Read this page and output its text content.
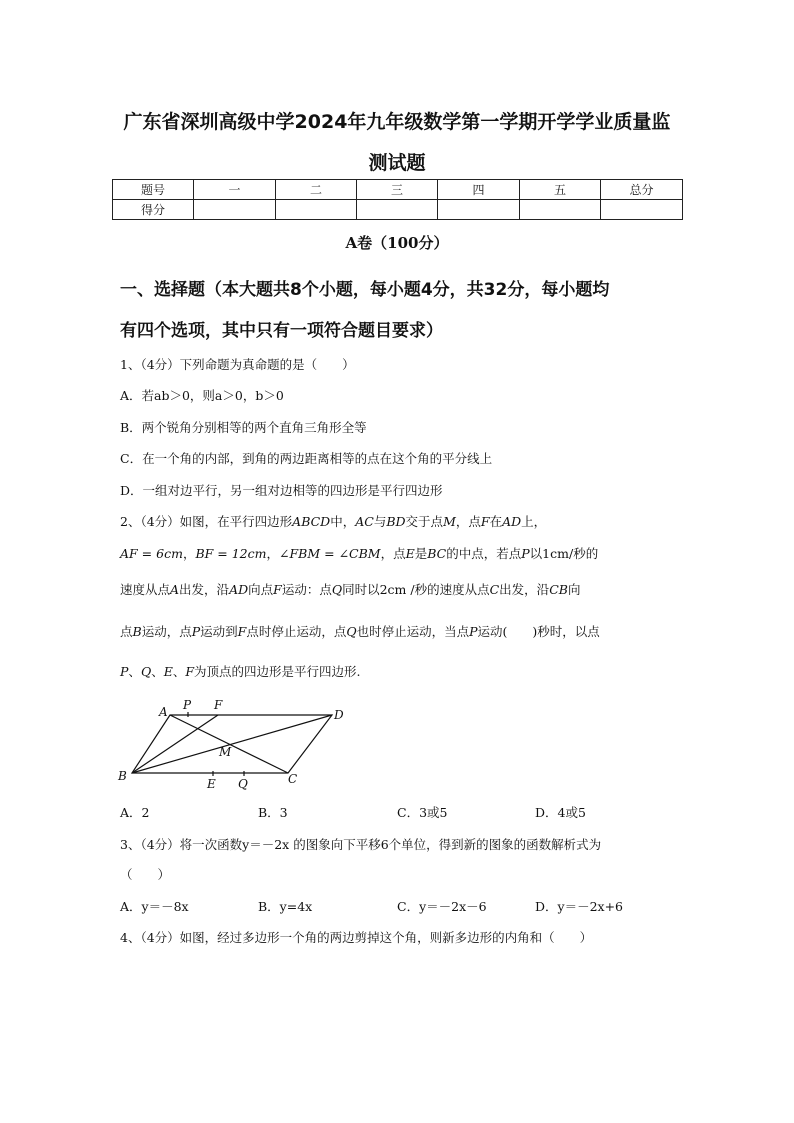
广东省深圳高级中学2024年九年级数学第一学期开学学业质量监
测试题
题号	一	二	三	四	五	总分
得分						
A卷（100分）
一、选择题（本大题共8个小题，每小题4分，共32分，每小题均
有四个选项，其中只有一项符合题目要求）
1、（4分）下列命题为真命题的是（　　）
A．若ab＞0，则a＞0，b＞0
B．两个锐角分别相等的两个直角三角形全等
C．在一个角的内部，到角的两边距离相等的点在这个角的平分线上
D．一组对边平行，另一组对边相等的四边形是平行四边形
2、（4分）如图，在平行四边形ABCD中，AC与BD交于点M，点F在AD上，
AF = 6cm，BF = 12cm，∠FBM = ∠CBM，点E是BC的中点，若点P以1cm/秒的
速度从点A出发，沿AD向点F运动：点Q同时以2cm /秒的速度从点C出发，沿CB向
点B运动，点P运动到F点时停止运动，点Q也时停止运动，当点P运动(　　)秒时，以点
P、Q、E、F为顶点的四边形是平行四边形.
A P F
D
M
B
E Q	C
A．2	B．3	C．3或5	D．4或5
3、（4分）将一次函数y＝－2x 的图象向下平移6个单位，得到新的图象的函数解析式为
（　　）
A．y＝－8x	B．y=4x	C．y＝－2x－6	D．y＝－2x+6
4、（4分）如图，经过多边形一个角的两边剪掉这个角，则新多边形的内角和（　　）
